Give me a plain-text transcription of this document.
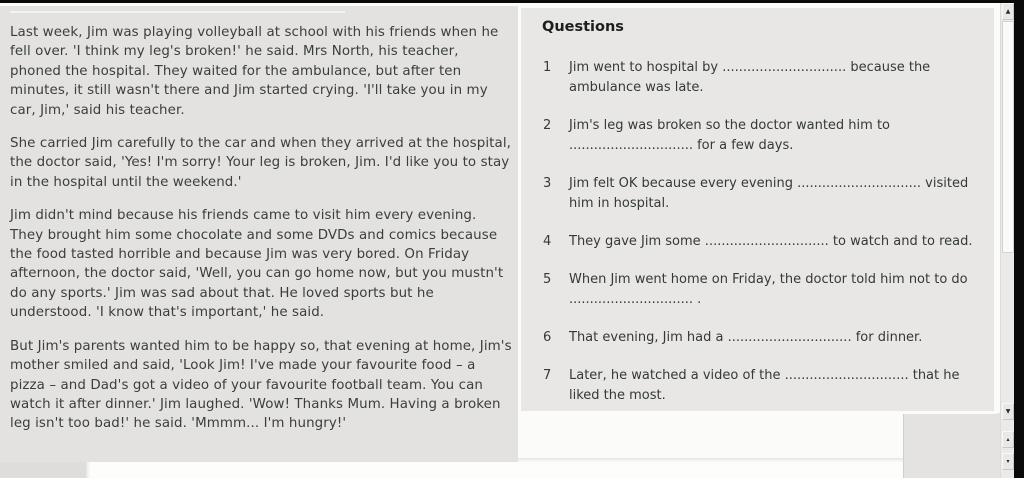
Last week, Jim was playing volleyball at school with his friends when he fell over. 'I think my leg's broken!' he said. Mrs North, his teacher, phoned the hospital. They waited for the ambulance, but after ten minutes, it still wasn't there and Jim started crying. 'I'll take you in my car, Jim,' said his teacher.

She carried Jim carefully to the car and when they arrived at the hospital, the doctor said, 'Yes! I'm sorry! Your leg is broken, Jim. I'd like you to stay in the hospital until the weekend.'

Jim didn't mind because his friends came to visit him every evening. They brought him some chocolate and some DVDs and comics because the food tasted horrible and because Jim was very bored. On Friday afternoon, the doctor said, 'Well, you can go home now, but you mustn't do any sports.' Jim was sad about that. He loved sports but he understood. 'I know that's important,' he said.

But Jim's parents wanted him to be happy so, that evening at home, Jim's mother smiled and said, 'Look Jim! I've made your favourite food – a pizza – and Dad's got a video of your favourite football team. You can watch it after dinner.' Jim laughed. 'Wow! Thanks Mum. Having a broken leg isn't too bad!' he said. 'Mmmm... I'm hungry!'

Questions
1	Jim went to hospital by .............................. because the ambulance was late.
2	Jim's leg was broken so the doctor wanted him to .............................. for a few days.
3	Jim felt OK because every evening .............................. visited him in hospital.
4	They gave Jim some .............................. to watch and to read.
5	When Jim went home on Friday, the doctor told him not to do .............................. .
6	That evening, Jim had a .............................. for dinner.
7	Later, he watched a video of the .............................. that he liked the most.
▲
▼
▴
▾
